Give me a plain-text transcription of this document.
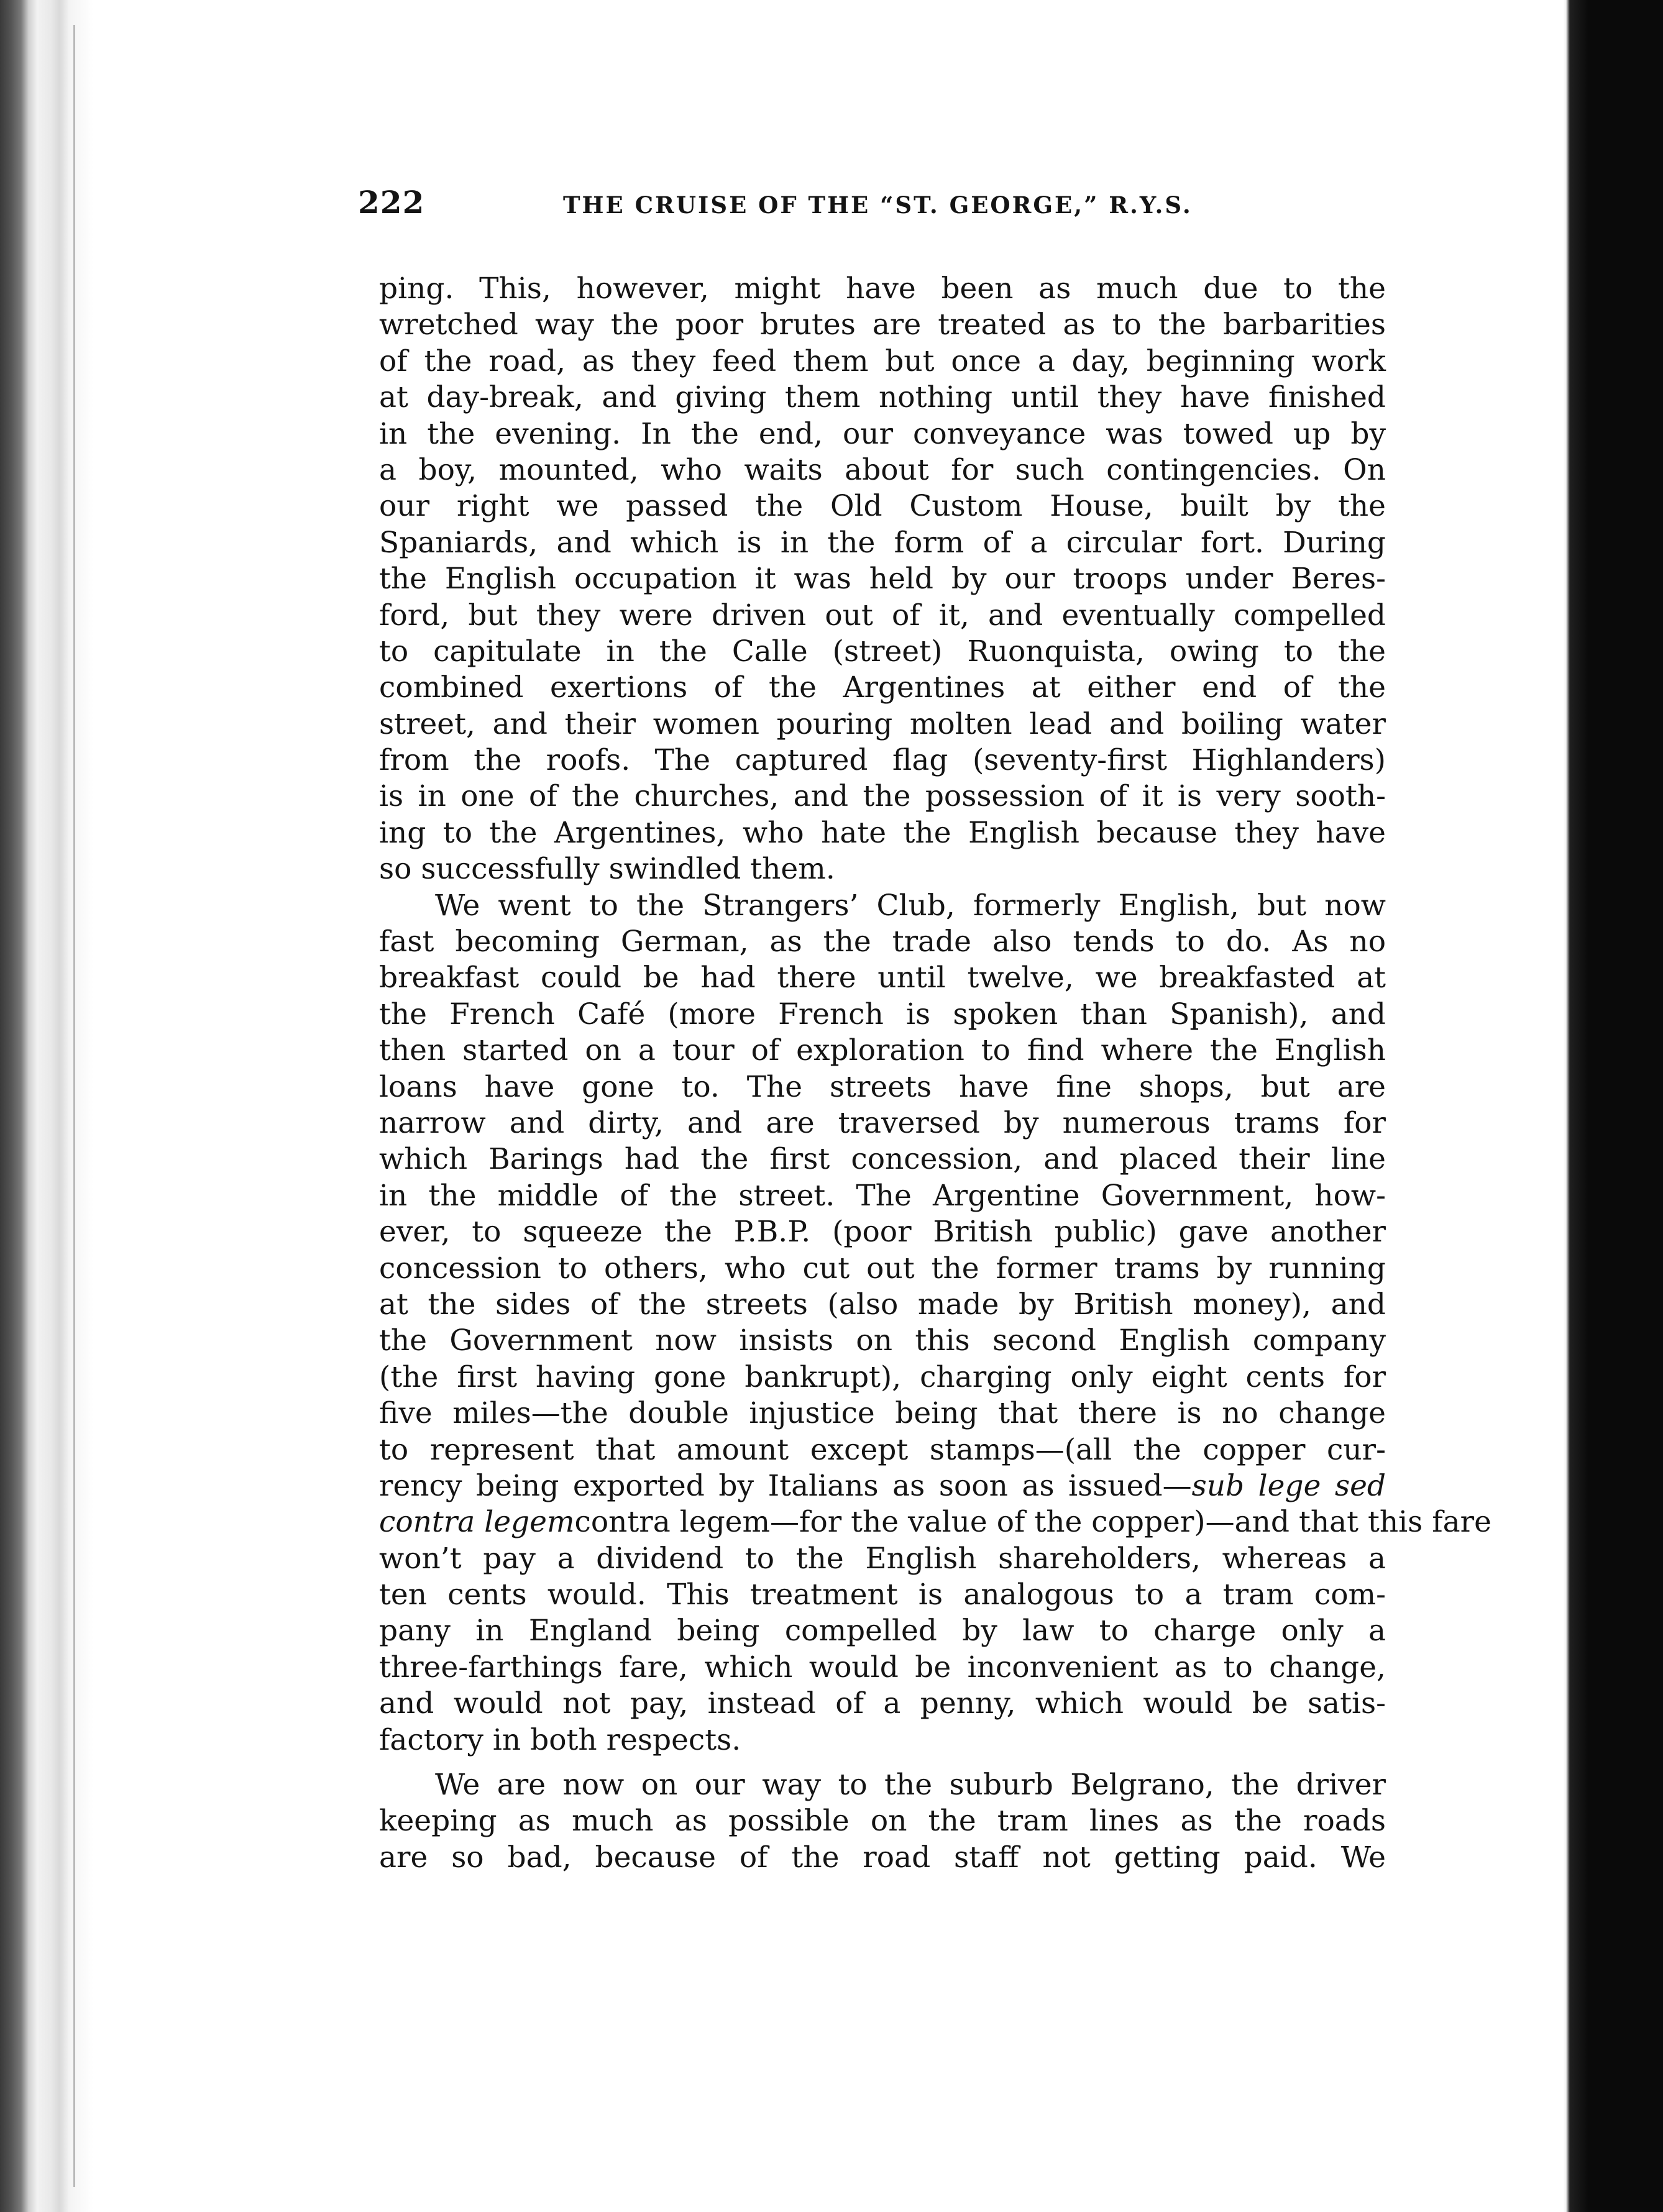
222	THE CRUISE OF THE “ST. GEORGE,” R.Y.S.
ping. This, however, might have been as much due to the
wretched way the poor brutes are treated as to the barbarities
of the road, as they feed them but once a day, beginning work
at day-break, and giving them nothing until they have finished
in the evening. In the end, our conveyance was towed up by
a boy, mounted, who waits about for such contingencies. On
our right we passed the Old Custom House, built by the
Spaniards, and which is in the form of a circular fort. During
the English occupation it was held by our troops under Beres-
ford, but they were driven out of it, and eventually compelled
to capitulate in the Calle (street) Ruonquista, owing to the
combined exertions of the Argentines at either end of the
street, and their women pouring molten lead and boiling water
from the roofs. The captured flag (seventy-first Highlanders)
is in one of the churches, and the possession of it is very sooth-
ing to the Argentines, who hate the English because they have
so successfully swindled them.
We went to the Strangers’ Club, formerly English, but now
fast becoming German, as the trade also tends to do. As no
breakfast could be had there until twelve, we breakfasted at
the French Café (more French is spoken than Spanish), and
then started on a tour of exploration to find where the English
loans have gone to. The streets have fine shops, but are
narrow and dirty, and are traversed by numerous trams for
which Barings had the first concession, and placed their line
in the middle of the street. The Argentine Government, how-
ever, to squeeze the P.B.P. (poor British public) gave another
concession to others, who cut out the former trams by running
at the sides of the streets (also made by British money), and
the Government now insists on this second English company
(the first having gone bankrupt), charging only eight cents for
five miles—the double injustice being that there is no change
to represent that amount except stamps—(all the copper cur-
rency being exported by Italians as soon as issued—sub lege sed
contra legemcontra legem—for the value of the copper)—and that this fare
won’t pay a dividend to the English shareholders, whereas a
ten cents would. This treatment is analogous to a tram com-
pany in England being compelled by law to charge only a
three-farthings fare, which would be inconvenient as to change,
and would not pay, instead of a penny, which would be satis-
factory in both respects.
We are now on our way to the suburb Belgrano, the driver
keeping as much as possible on the tram lines as the roads
are so bad, because of the road staff not getting paid. We
